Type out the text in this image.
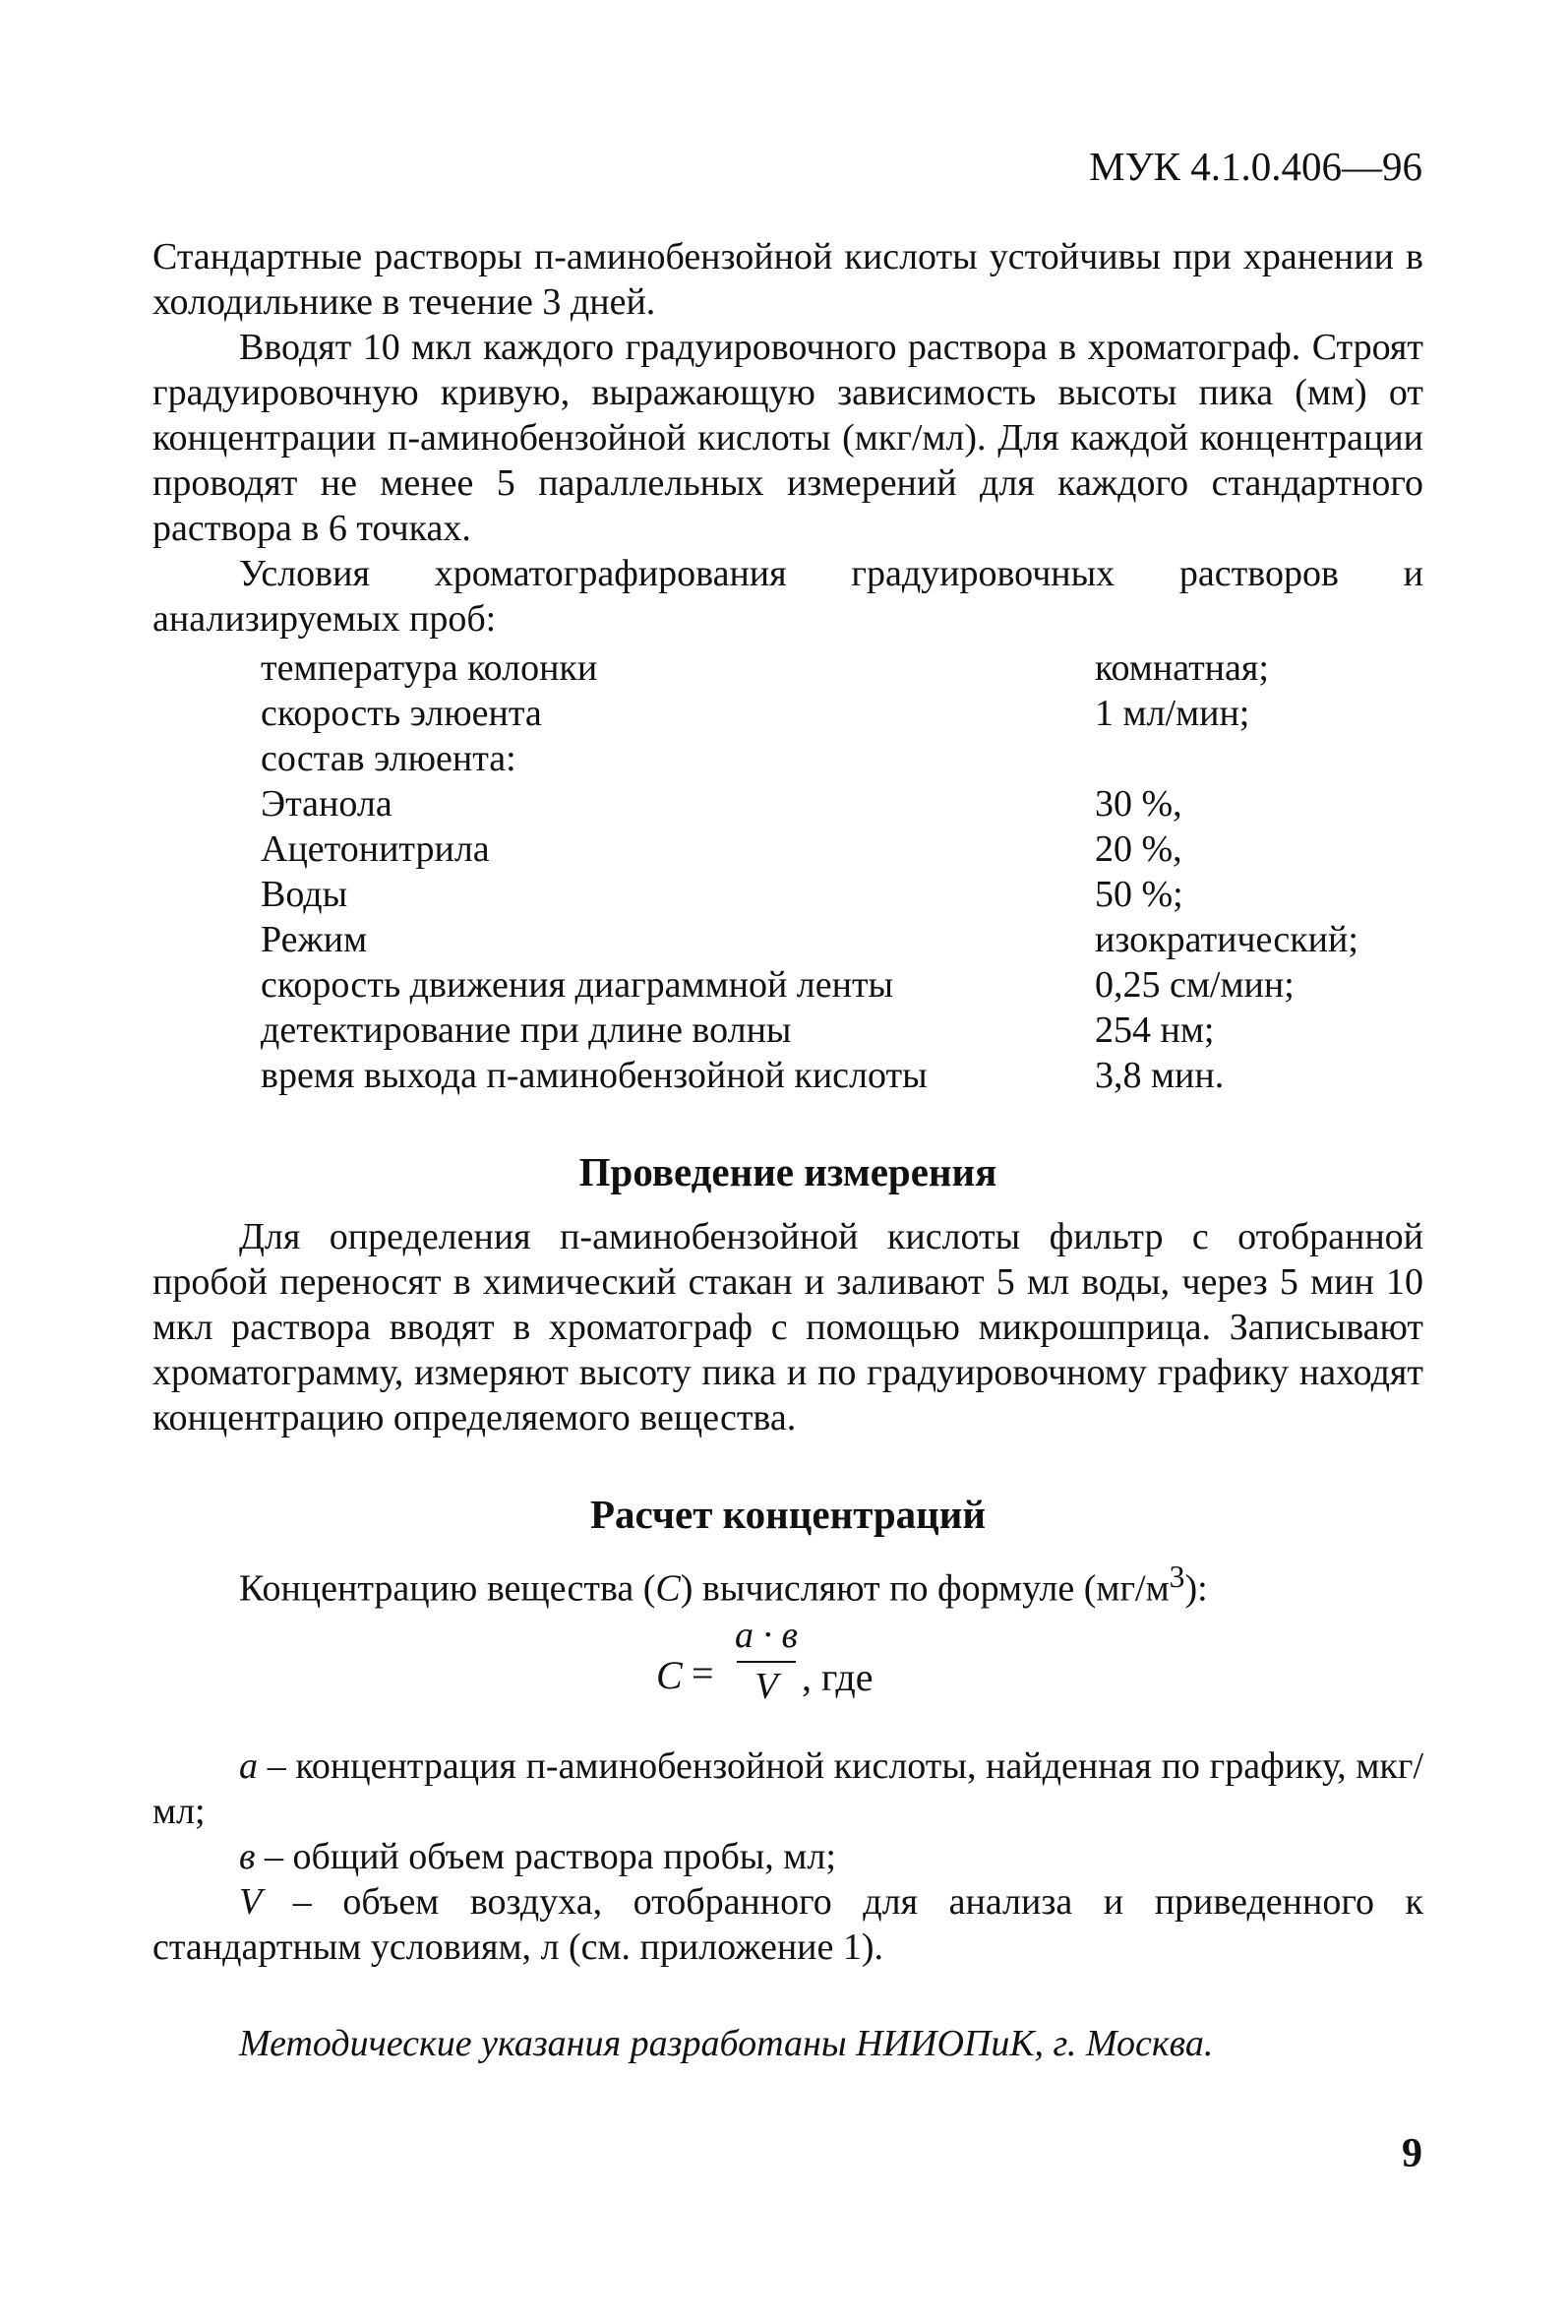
МУК 4.1.0.406—96

Стандартные растворы п-аминобензойной кислоты устойчивы при хранении в холодильнике в течение 3 дней.

Вводят 10 мкл каждого градуировочного раствора в хроматограф. Строят градуировочную кривую, выражающую зависимость высоты пика (мм) от концентрации п-аминобензойной кислоты (мкг/мл). Для каждой концентрации проводят не менее 5 параллельных измерений для каждого стандартного раствора в 6 точках.

Условия хроматографирования градуировочных растворов и анализируемых проб:

температура колонки	комнатная;
скорость элюента	1 мл/мин;
состав элюента:	
Этанола	30 %,
Ацетонитрила	20 %,
Воды	50 %;
Режим	изократический;
скорость движения диаграммной ленты	0,25 см/мин;
детектирование при длине волны	254 нм;
время выхода п-аминобензойной кислоты	3,8 мин.
Проведение измерения

Для определения п-аминобензойной кислоты фильтр с отобранной пробой переносят в химический стакан и заливают 5 мл воды, через 5 мин 10 мкл раствора вводят в хроматограф с помощью микрошприца. Записывают хроматограмму, измеряют высоту пика и по градуировочному графику находят концентрацию определяемого вещества.

Расчет концентраций

Концентрацию вещества (С) вычисляют по формуле $(мг/м^3)$:

С =
а · в
V , где

а – концентрация п-аминобензойной кислоты, найденная по графику, мкг/мл;

в – общий объем раствора пробы, мл;

V – объем воздуха, отобранного для анализа и приведенного к стандартным условиям, л (см. приложение 1).

Методические указания разработаны НИИОПиК, г. Москва.

9
